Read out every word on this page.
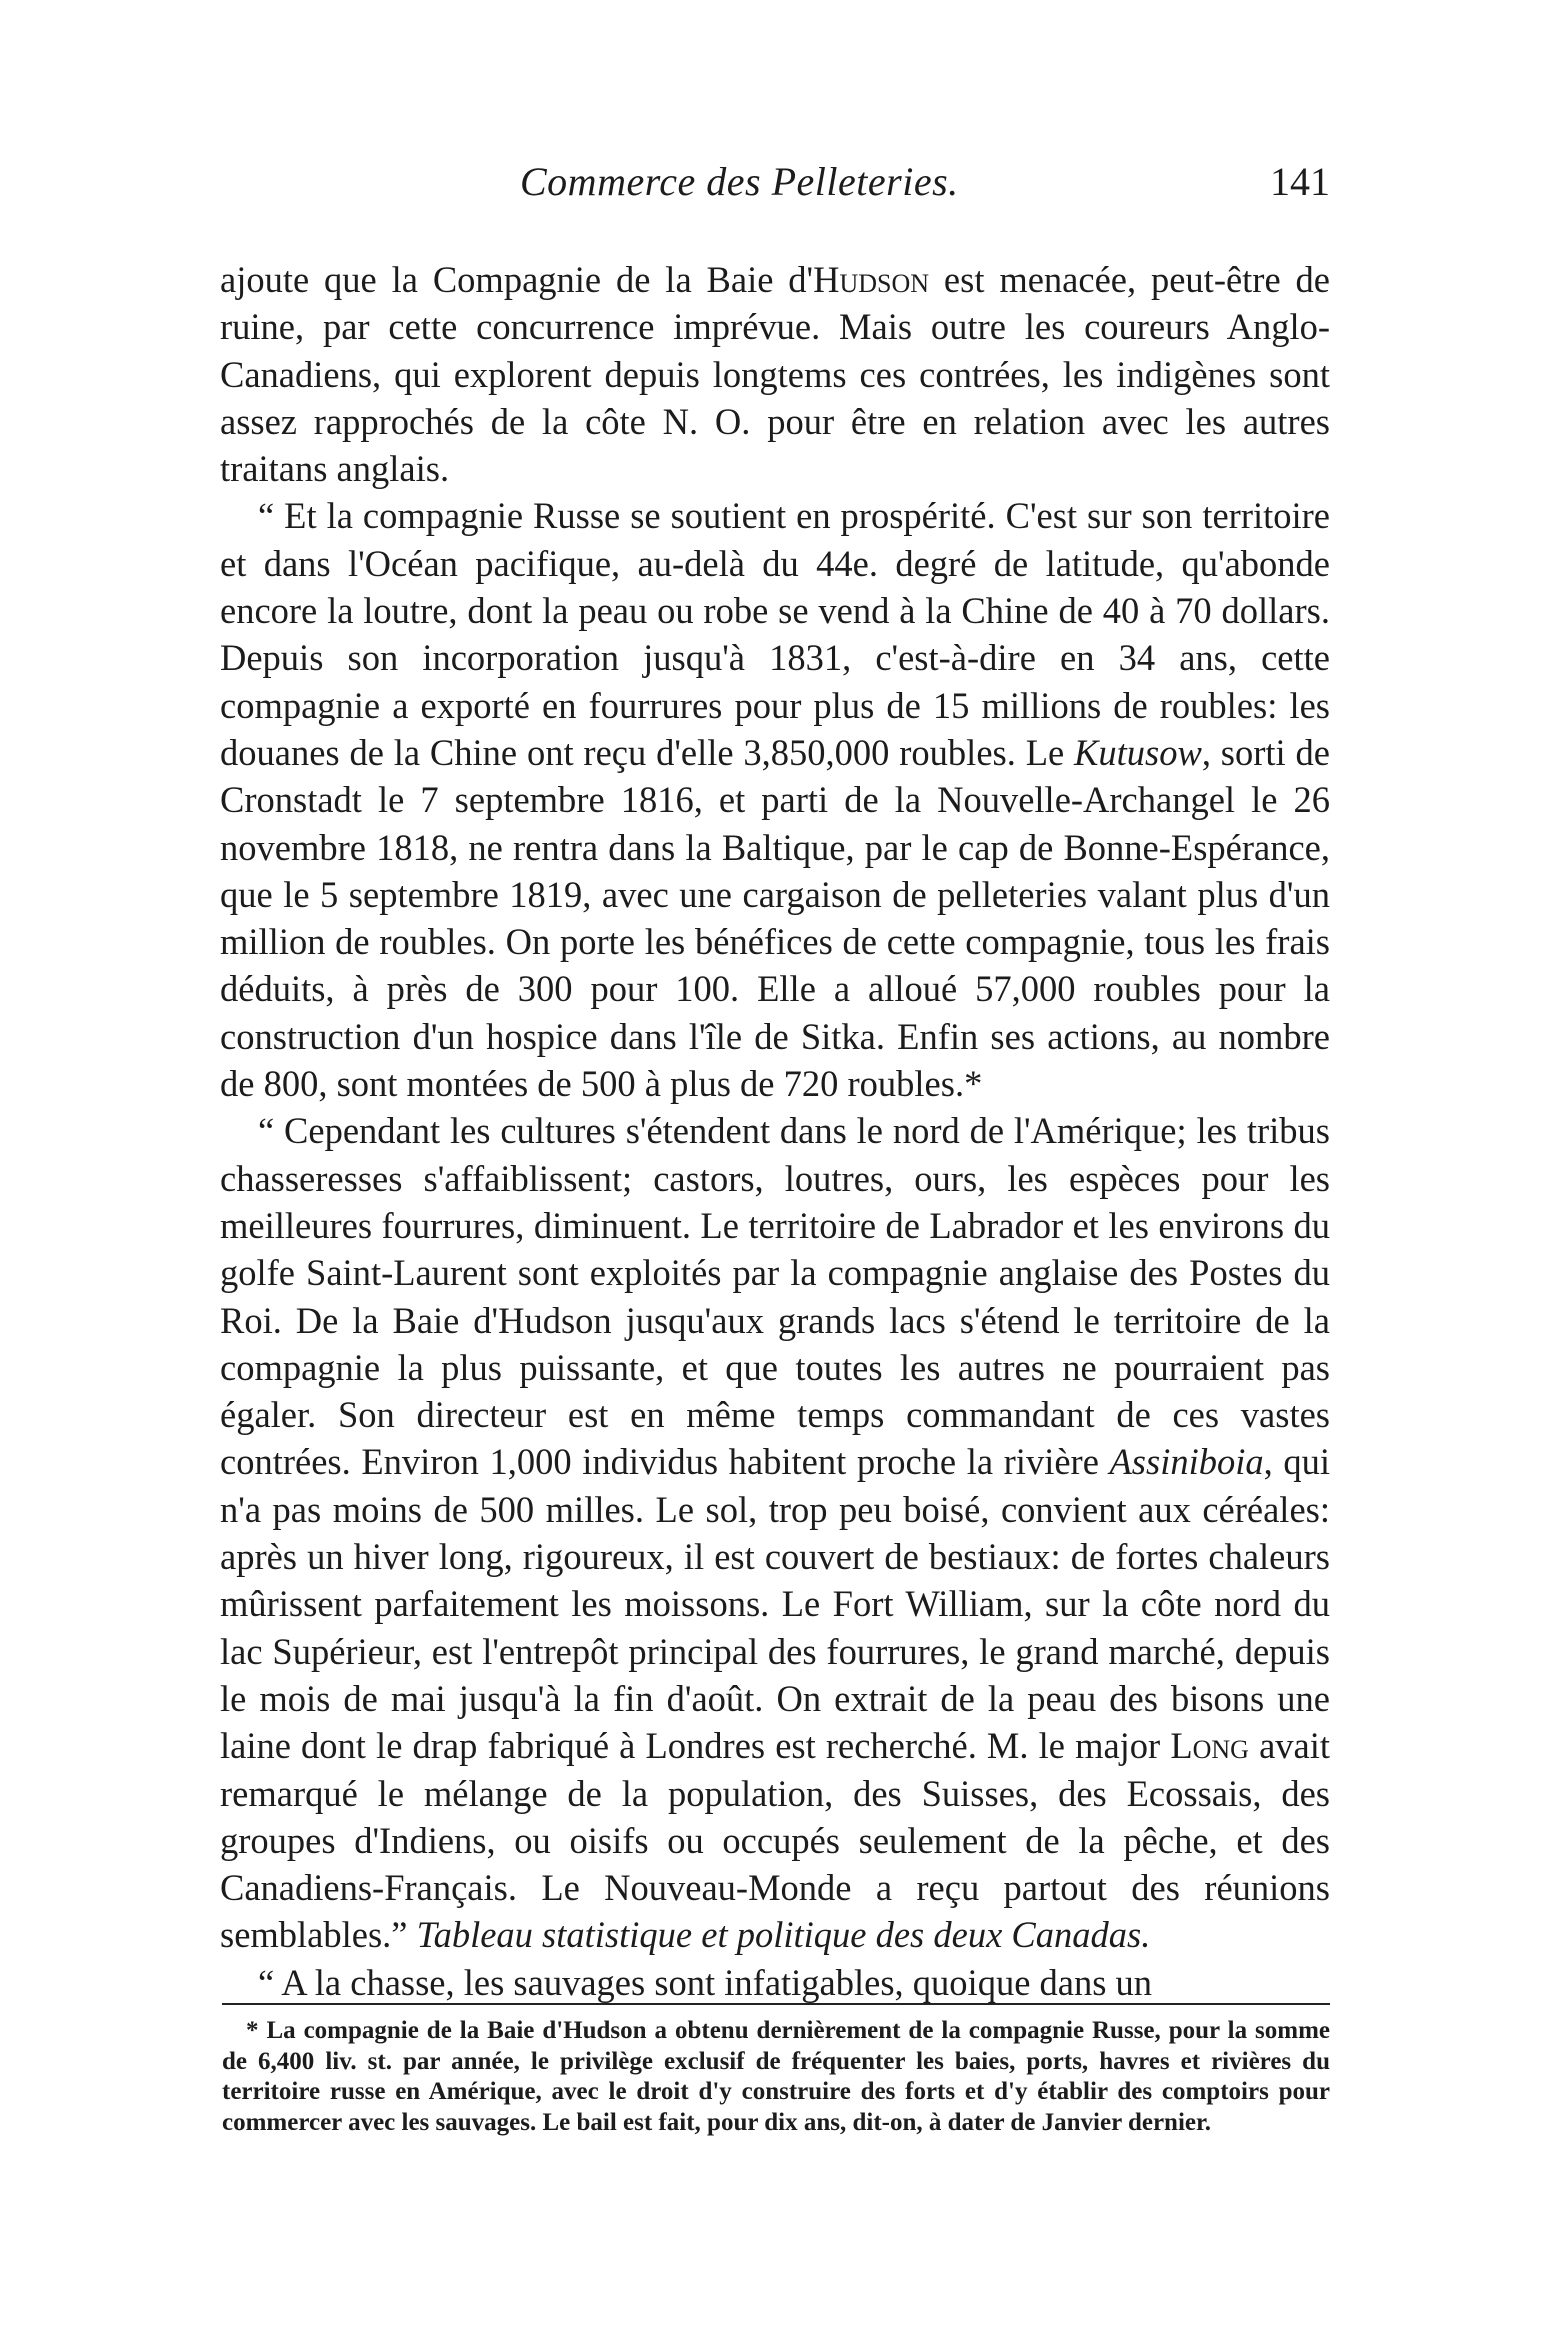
Commerce des Pelleteries.	141

ajoute que la Compagnie de la Baie d'Hudson est menacée, peut-être de ruine, par cette concurrence imprévue. Mais outre les coureurs Anglo-Canadiens, qui explorent depuis longtems ces contrées, les indigènes sont assez rapprochés de la côte N. O. pour être en relation avec les autres traitans anglais.

“ Et la compagnie Russe se soutient en prospérité. C'est sur son territoire et dans l'Océan pacifique, au-delà du 44e. degré de latitude, qu'abonde encore la loutre, dont la peau ou robe se vend à la Chine de 40 à 70 dollars. Depuis son incorporation jusqu'à 1831, c'est-à-dire en 34 ans, cette compagnie a exporté en fourrures pour plus de 15 millions de roubles: les douanes de la Chine ont reçu d'elle 3,850,000 roubles. Le Kutusow, sorti de Cronstadt le 7 septembre 1816, et parti de la Nouvelle-Archangel le 26 novembre 1818, ne rentra dans la Baltique, par le cap de Bonne-Espérance, que le 5 septembre 1819, avec une cargaison de pelleteries valant plus d'un million de roubles. On porte les bénéfices de cette compagnie, tous les frais déduits, à près de 300 pour 100. Elle a alloué 57,000 roubles pour la construction d'un hospice dans l'île de Sitka. Enfin ses actions, au nombre de 800, sont montées de 500 à plus de 720 roubles.*

“ Cependant les cultures s'étendent dans le nord de l'Amérique; les tribus chasseresses s'affaiblissent; castors, loutres, ours, les espèces pour les meilleures fourrures, diminuent. Le territoire de Labrador et les environs du golfe Saint-Laurent sont exploités par la compagnie anglaise des Postes du Roi. De la Baie d'Hudson jusqu'aux grands lacs s'étend le territoire de la compagnie la plus puissante, et que toutes les autres ne pourraient pas égaler. Son directeur est en même temps commandant de ces vastes contrées. Environ 1,000 individus habitent proche la rivière Assiniboia, qui n'a pas moins de 500 milles. Le sol, trop peu boisé, convient aux céréales: après un hiver long, rigoureux, il est couvert de bestiaux: de fortes chaleurs mûrissent parfaitement les moissons. Le Fort William, sur la côte nord du lac Supérieur, est l'entrepôt principal des fourrures, le grand marché, depuis le mois de mai jusqu'à la fin d'août. On extrait de la peau des bisons une laine dont le drap fabriqué à Londres est recherché. M. le major Long avait remarqué le mélange de la population, des Suisses, des Ecossais, des groupes d'Indiens, ou oisifs ou occupés seulement de la pêche, et des Canadiens-Français. Le Nouveau-Monde a reçu partout des réunions semblables.” Tableau statistique et politique des deux Canadas.

“ A la chasse, les sauvages sont infatigables, quoique dans un

* La compagnie de la Baie d'Hudson a obtenu dernièrement de la compagnie Russe, pour la somme de 6,400 liv. st. par année, le privilège exclusif de fréquenter les baies, ports, havres et rivières du territoire russe en Amérique, avec le droit d'y construire des forts et d'y établir des comptoirs pour commercer avec les sauvages. Le bail est fait, pour dix ans, dit-on, à dater de Janvier dernier.
